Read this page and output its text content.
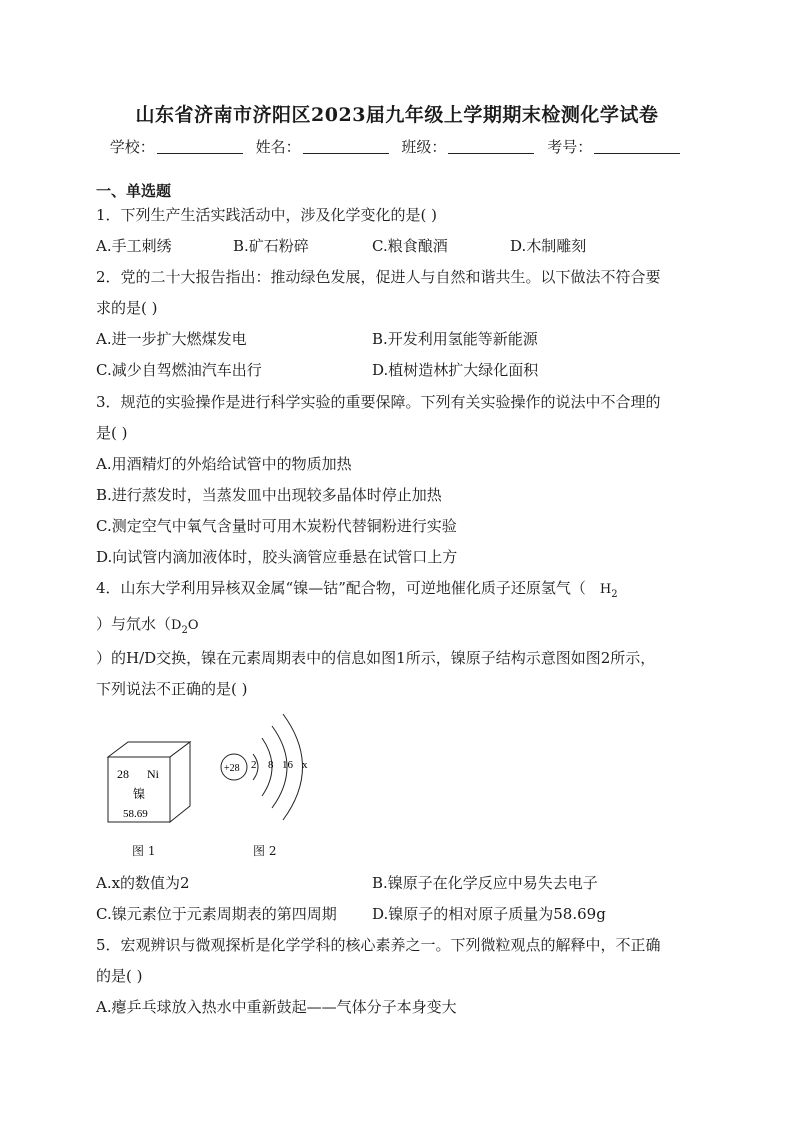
山东省济南市济阳区2023届九年级上学期期末检测化学试卷
学校：	姓名：	班级：	考号：
一、单选题
1．下列生产生活实践活动中，涉及化学变化的是( )
A.手工刺绣	B.矿石粉碎	C.粮食酿酒	D.木制雕刻
2．党的二十大报告指出：推动绿色发展，促进人与自然和谐共生。以下做法不符合要
求的是( )
A.进一步扩大燃煤发电	B.开发利用氢能等新能源
C.减少自驾燃油汽车出行	D.植树造林扩大绿化面积
3．规范的实验操作是进行科学实验的重要保障。下列有关实验操作的说法中不合理的
是( )
A.用酒精灯的外焰给试管中的物质加热
B.进行蒸发时，当蒸发皿中出现较多晶体时停止加热
C.测定空气中氧气含量时可用木炭粉代替铜粉进行实验
D.向试管内滴加液体时，胶头滴管应垂悬在试管口上方
4．山东大学利用异核双金属“镍—钴”配合物，可逆地催化质子还原氢气（ $H_2$
）与氘水（$D_2O$
）的H/D交换，镍在元素周期表中的信息如图1所示，镍原子结构示意图如图2所示，
下列说法不正确的是( )
28 Ni
镍
58.69
+28 2 8 16 x
图 1	图 2
A.x的数值为2	B.镍原子在化学反应中易失去电子
C.镍元素位于元素周期表的第四周期 D.镍原子的相对原子质量为58.69g
5．宏观辨识与微观探析是化学学科的核心素养之一。下列微粒观点的解释中，不正确
的是( )
A.瘪乒乓球放入热水中重新鼓起——气体分子本身变大
